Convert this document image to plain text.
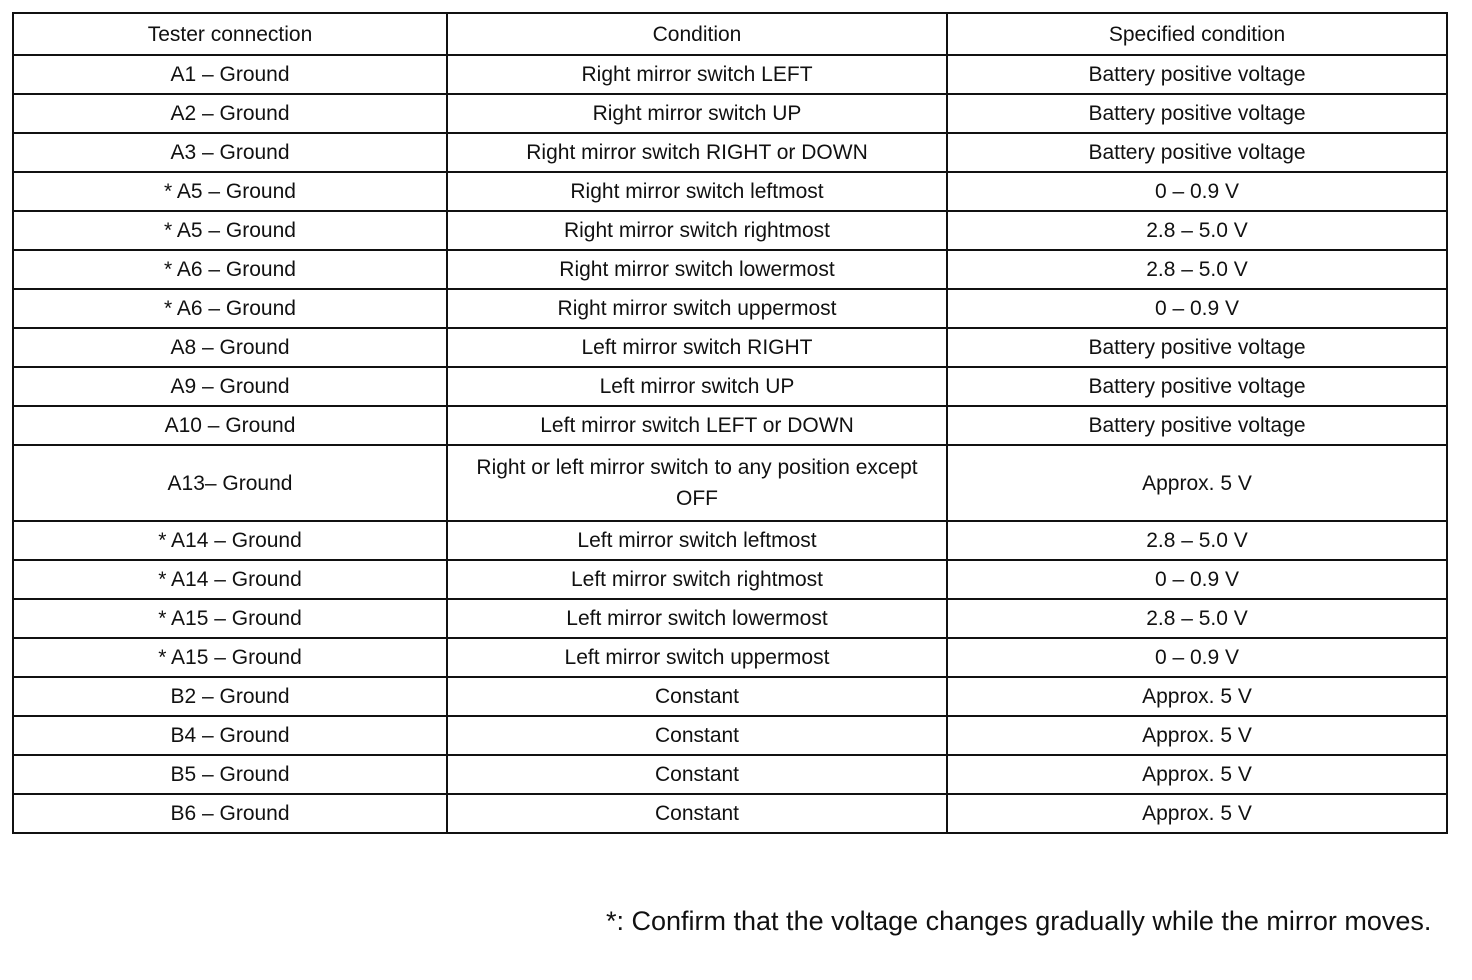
Tester connection	Condition	Specified condition
A1 – Ground	Right mirror switch LEFT	Battery positive voltage
A2 – Ground	Right mirror switch UP	Battery positive voltage
A3 – Ground	Right mirror switch RIGHT or DOWN	Battery positive voltage
* A5 – Ground	Right mirror switch leftmost	0 – 0.9 V
* A5 – Ground	Right mirror switch rightmost	2.8 – 5.0 V
* A6 – Ground	Right mirror switch lowermost	2.8 – 5.0 V
* A6 – Ground	Right mirror switch uppermost	0 – 0.9 V
A8 – Ground	Left mirror switch RIGHT	Battery positive voltage
A9 – Ground	Left mirror switch UP	Battery positive voltage
A10 – Ground	Left mirror switch LEFT or DOWN	Battery positive voltage
A13– Ground	Right or left mirror switch to any position except OFF	Approx. 5 V
* A14 – Ground	Left mirror switch leftmost	2.8 – 5.0 V
* A14 – Ground	Left mirror switch rightmost	0 – 0.9 V
* A15 – Ground	Left mirror switch lowermost	2.8 – 5.0 V
* A15 – Ground	Left mirror switch uppermost	0 – 0.9 V
B2 – Ground	Constant	Approx. 5 V
B4 – Ground	Constant	Approx. 5 V
B5 – Ground	Constant	Approx. 5 V
B6 – Ground	Constant	Approx. 5 V
*: Confirm that the voltage changes gradually while the mirror moves.
